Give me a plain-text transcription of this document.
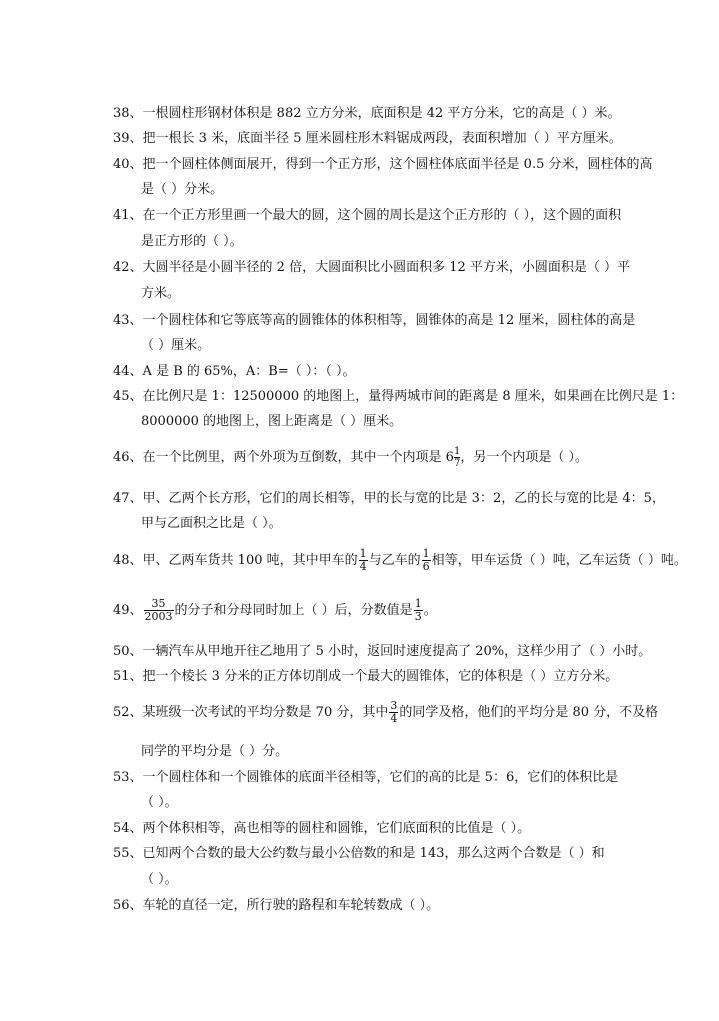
38、一根圆柱形钢材体积是 882 立方分米，底面积是 42 平方分米，它的高是（ ）米。
39、把一根长 3 米，底面半径 5 厘米圆柱形木料锯成两段，表面积增加（ ）平方厘米。
40、把一个圆柱体侧面展开，得到一个正方形，这个圆柱体底面半径是 0.5 分米，圆柱体的高
是（ ）分米。
41、在一个正方形里画一个最大的圆，这个圆的周长是这个正方形的（ ），这个圆的面积
是正方形的（ ）。
42、大圆半径是小圆半径的 2 倍，大圆面积比小圆面积多 12 平方米，小圆面积是（ ）平
方米。
43、一个圆柱体和它等底等高的圆锥体的体积相等，圆锥体的高是 12 厘米，圆柱体的高是
（ ）厘米。
44、A 是 B 的 65%，A：B=（ ）：（ ）。
45、在比例尺是 1：12500000 的地图上，量得两城市间的距离是 8 厘米，如果画在比例尺是 1：
8000000 的地图上，图上距离是（ ）厘米。
46、在一个比例里，两个外项为互倒数，其中一个内项是 $6 \frac{1}{7}$ ，另一个内项是（ ）。
47、甲、乙两个长方形，它们的周长相等，甲的长与宽的比是 3：2，乙的长与宽的比是 4：5，
甲与乙面积之比是（ ）。
48、甲、乙两车货共 100 吨，其中甲车的 $\frac{1}{4}$ 与乙车的 $\frac{1}{6}$ 相等，甲车运货（ ）吨，乙车运货（ ）吨。
49、 $\frac{35}{2003}$ 的分子和分母同时加上（ ）后，分数值是 $\frac{1}{3}$ 。
50、一辆汽车从甲地开往乙地用了 5 小时，返回时速度提高了 20%，这样少用了（ ）小时。
51、把一个棱长 3 分米的正方体切削成一个最大的圆锥体，它的体积是（ ）立方分米。
52、某班级一次考试的平均分数是 70 分，其中 $\frac{3}{4}$ 的同学及格，他们的平均分是 80 分，不及格
同学的平均分是（ ）分。
53、一个圆柱体和一个圆锥体的底面半径相等，它们的高的比是 5：6，它们的体积比是
（ ）。
54、两个体积相等，高也相等的圆柱和圆锥，它们底面积的比值是（ ）。
55、已知两个合数的最大公约数与最小公倍数的和是 143，那么这两个合数是（ ）和
（ ）。
56、车轮的直径一定，所行驶的路程和车轮转数成（ ）。
